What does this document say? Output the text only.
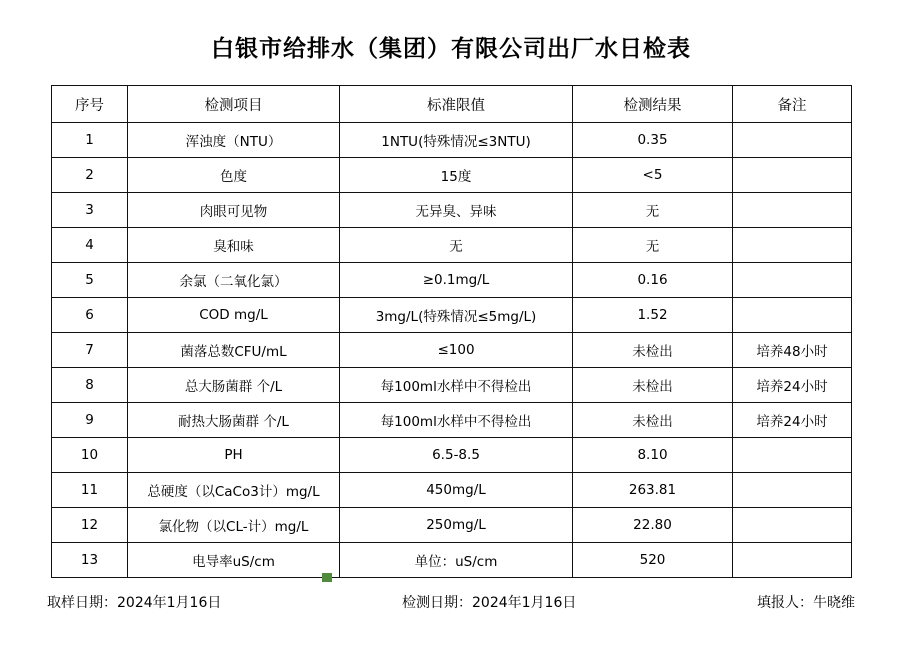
白银市给排水（集团）有限公司出厂水日检表
序号	检测项目	标准限值	检测结果	备注
1	浑浊度（NTU）	1NTU(特殊情况≤3NTU)	0.35	
2	色度	15度	<5	
3	肉眼可见物	无异臭、异味	无	
4	臭和味	无	无	
5	余氯（二氧化氯）	≥0.1mg/L	0.16	
6	COD mg/L	3mg/L(特殊情况≤5mg/L)	1.52	
7	菌落总数CFU/mL	≤100	未检出	培养48小时
8	总大肠菌群 个/L	每100ml水样中不得检出	未检出	培养24小时
9	耐热大肠菌群 个/L	每100ml水样中不得检出	未检出	培养24小时
10	PH	6.5-8.5	8.10	
11	总硬度（以CaCo3计）mg/L	450mg/L	263.81	
12	氯化物（以CL-计）mg/L	250mg/L	22.80	
13	电导率uS/cm	单位：uS/cm	520	
取样日期：2024年1月16日	检测日期：2024年1月16日	填报人：牛晓维
